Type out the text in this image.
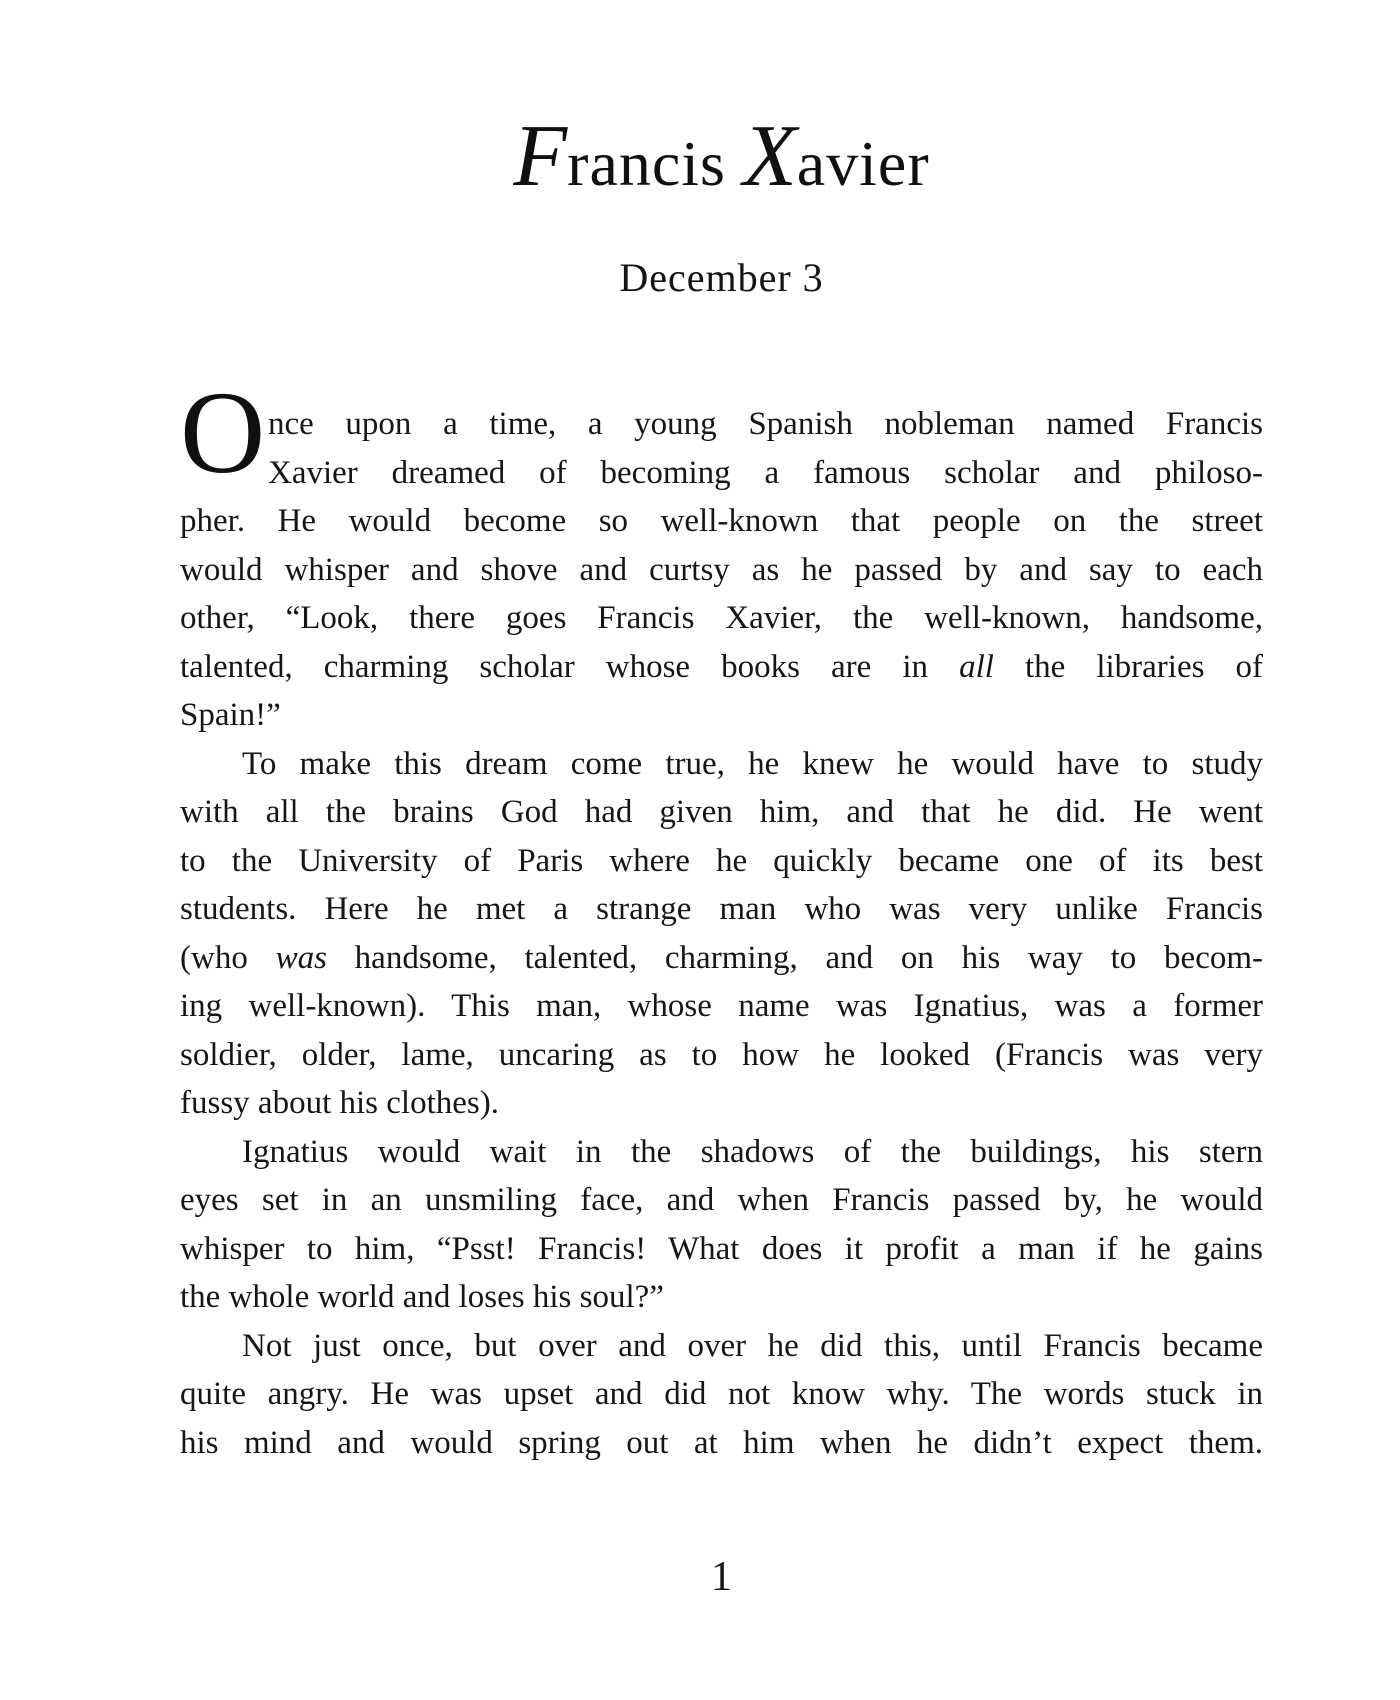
Francis Xavier
December 3
O nce upon a time, a young Spanish nobleman named Francis
Xavier dreamed of becoming a famous scholar and philoso-
pher. He would become so well-known that people on the street
would whisper and shove and curtsy as he passed by and say to each
other, “Look, there goes Francis Xavier, the well-known, handsome,
talented, charming scholar whose books are in all the libraries of
Spain!”
To make this dream come true, he knew he would have to study
with all the brains God had given him, and that he did. He went
to the University of Paris where he quickly became one of its best
students. Here he met a strange man who was very unlike Francis
(who was handsome, talented, charming, and on his way to becom-
ing well-known). This man, whose name was Ignatius, was a former
soldier, older, lame, uncaring as to how he looked (Francis was very
fussy about his clothes).
Ignatius would wait in the shadows of the buildings, his stern
eyes set in an unsmiling face, and when Francis passed by, he would
whisper to him, “Psst! Francis! What does it profit a man if he gains
the whole world and loses his soul?”
Not just once, but over and over he did this, until Francis became
quite angry. He was upset and did not know why. The words stuck in
his mind and would spring out at him when he didn’t expect them.
1
